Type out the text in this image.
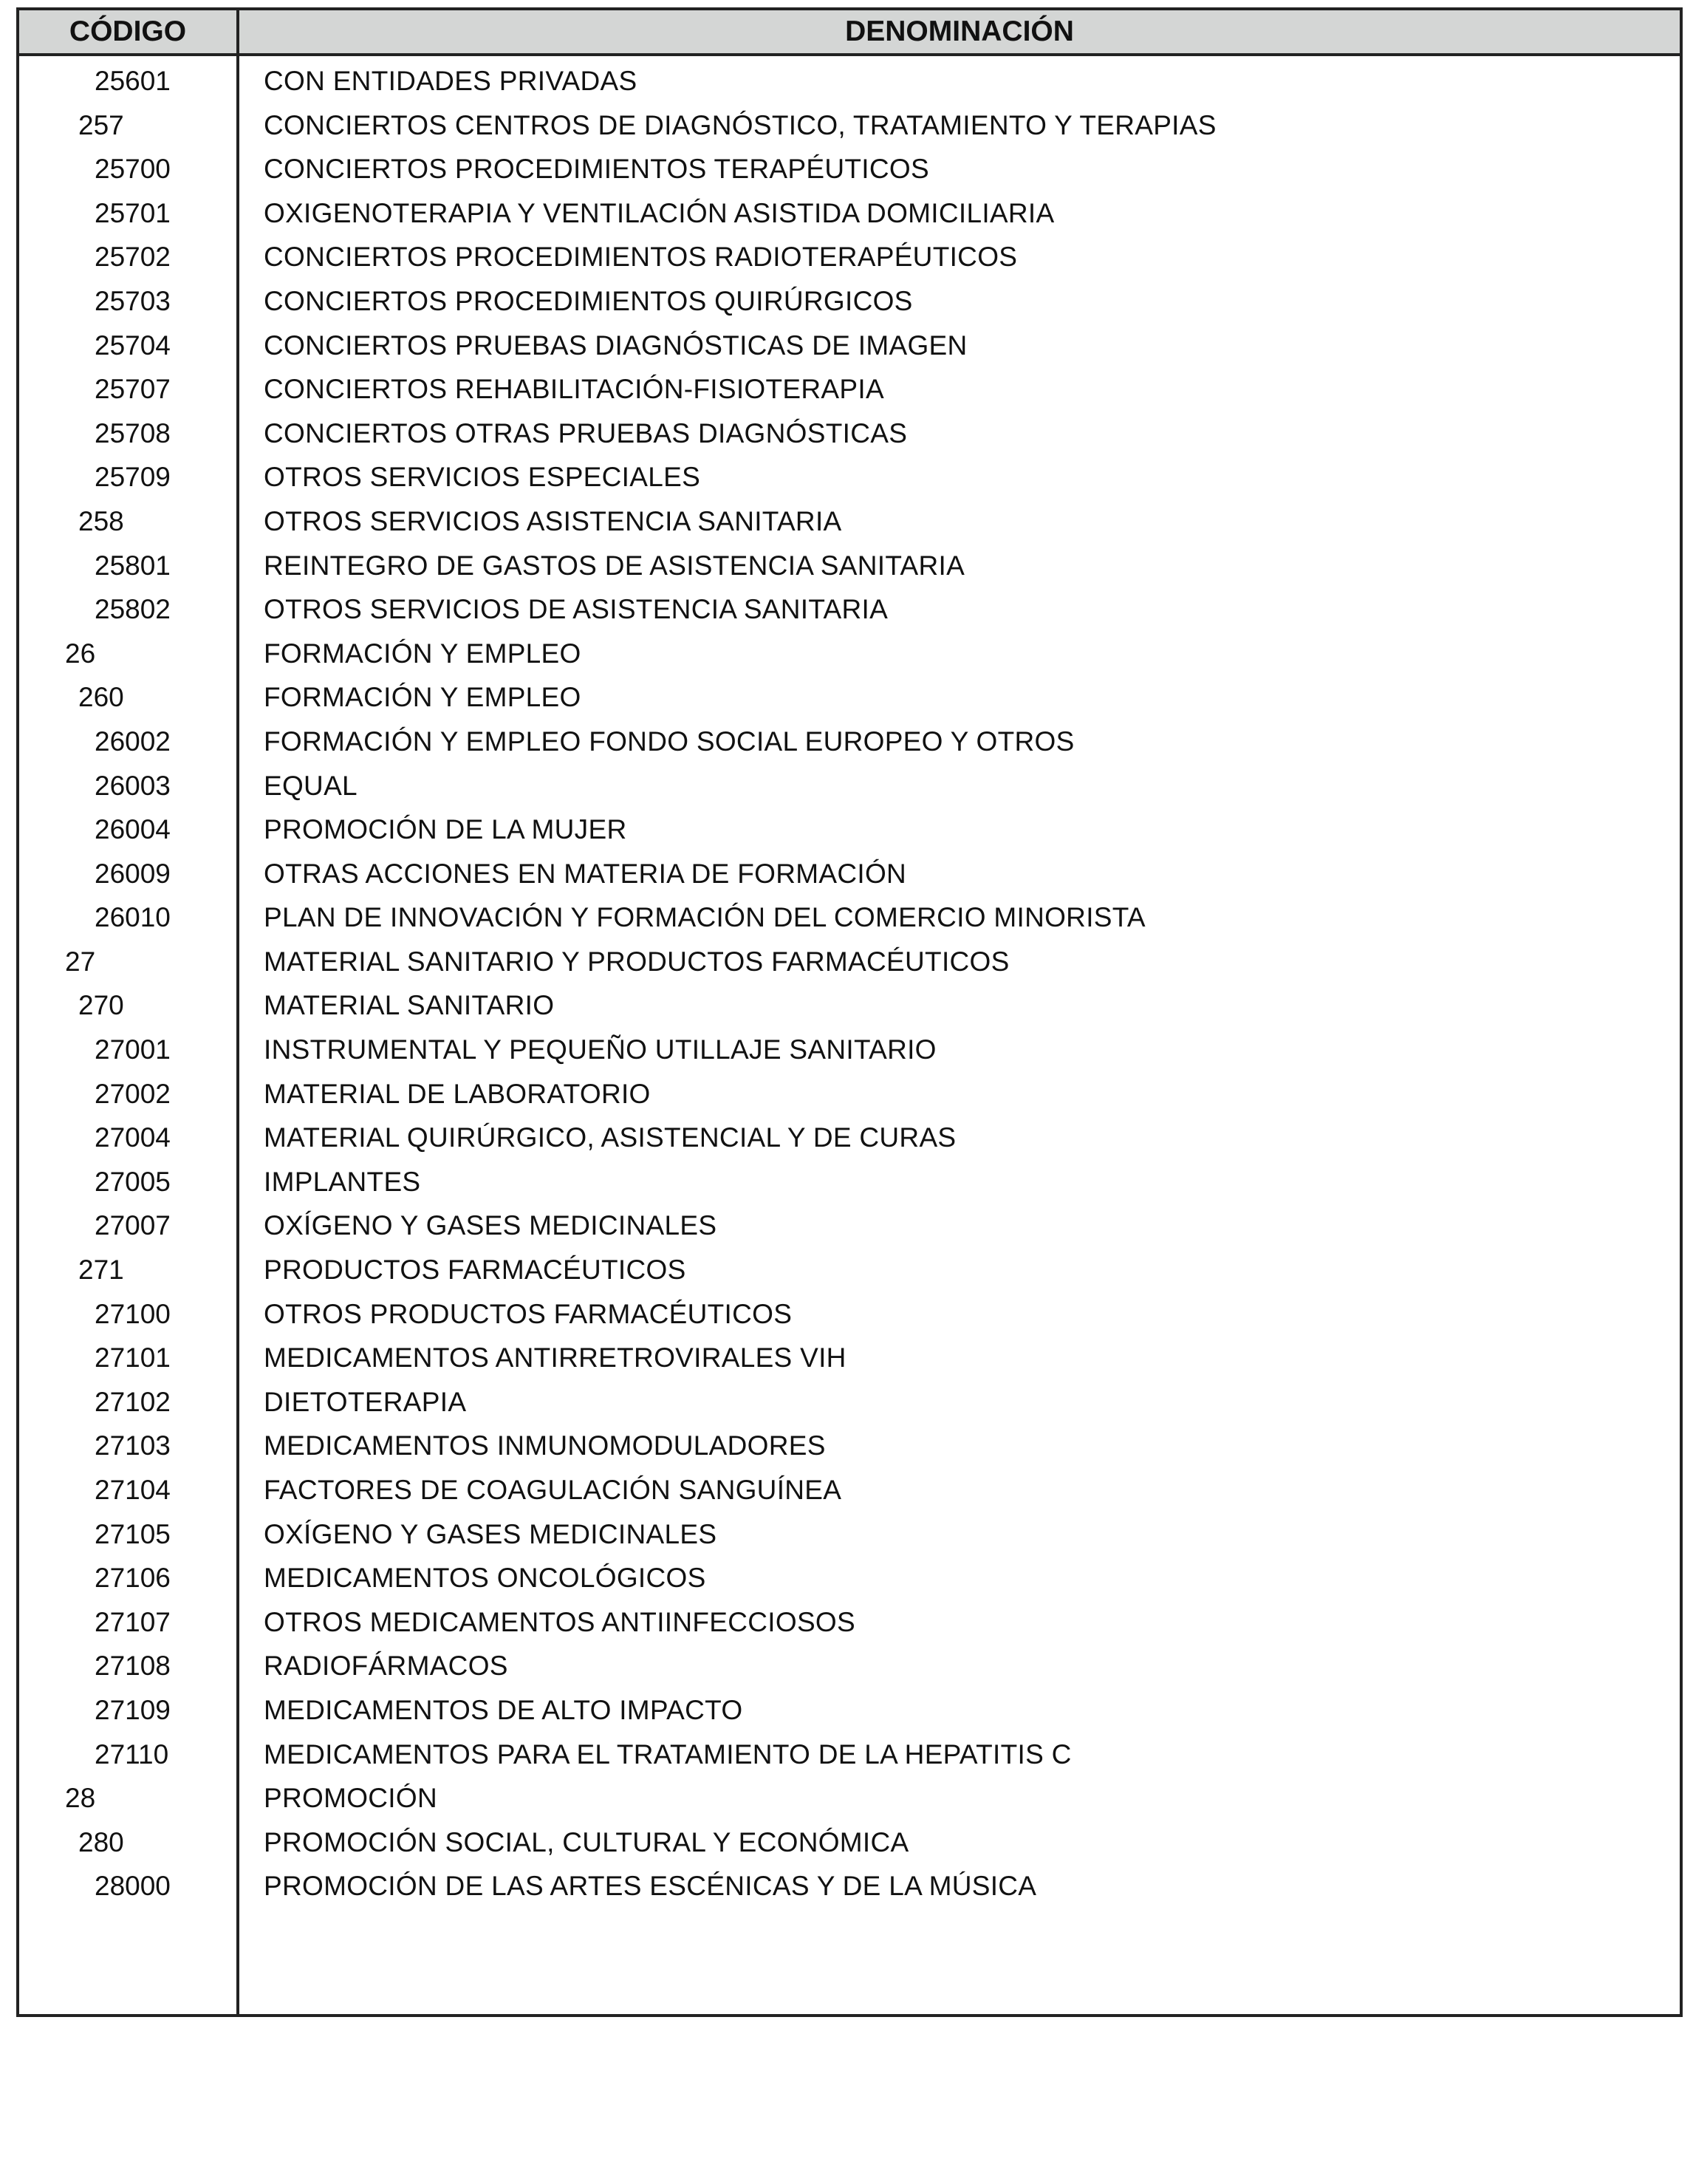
CÓDIGO	DENOMINACIÓN
25601	CON ENTIDADES PRIVADAS
257	CONCIERTOS CENTROS DE DIAGNÓSTICO, TRATAMIENTO Y TERAPIAS
25700	CONCIERTOS PROCEDIMIENTOS TERAPÉUTICOS
25701	OXIGENOTERAPIA Y VENTILACIÓN ASISTIDA DOMICILIARIA
25702	CONCIERTOS PROCEDIMIENTOS RADIOTERAPÉUTICOS
25703	CONCIERTOS PROCEDIMIENTOS QUIRÚRGICOS
25704	CONCIERTOS PRUEBAS DIAGNÓSTICAS DE IMAGEN
25707	CONCIERTOS REHABILITACIÓN-FISIOTERAPIA
25708	CONCIERTOS OTRAS PRUEBAS DIAGNÓSTICAS
25709	OTROS SERVICIOS ESPECIALES
258	OTROS SERVICIOS ASISTENCIA SANITARIA
25801	REINTEGRO DE GASTOS DE ASISTENCIA SANITARIA
25802	OTROS SERVICIOS DE ASISTENCIA SANITARIA
26	FORMACIÓN Y EMPLEO
260	FORMACIÓN Y EMPLEO
26002	FORMACIÓN Y EMPLEO FONDO SOCIAL EUROPEO Y OTROS
26003	EQUAL
26004	PROMOCIÓN DE LA MUJER
26009	OTRAS ACCIONES EN MATERIA DE FORMACIÓN
26010	PLAN DE INNOVACIÓN Y FORMACIÓN DEL COMERCIO MINORISTA
27	MATERIAL SANITARIO Y PRODUCTOS FARMACÉUTICOS
270	MATERIAL SANITARIO
27001	INSTRUMENTAL Y PEQUEÑO UTILLAJE SANITARIO
27002	MATERIAL DE LABORATORIO
27004	MATERIAL QUIRÚRGICO, ASISTENCIAL Y DE CURAS
27005	IMPLANTES
27007	OXÍGENO Y GASES MEDICINALES
271	PRODUCTOS FARMACÉUTICOS
27100	OTROS PRODUCTOS FARMACÉUTICOS
27101	MEDICAMENTOS ANTIRRETROVIRALES VIH
27102	DIETOTERAPIA
27103	MEDICAMENTOS INMUNOMODULADORES
27104	FACTORES DE COAGULACIÓN SANGUÍNEA
27105	OXÍGENO Y GASES MEDICINALES
27106	MEDICAMENTOS ONCOLÓGICOS
27107	OTROS MEDICAMENTOS ANTIINFECCIOSOS
27108	RADIOFÁRMACOS
27109	MEDICAMENTOS DE ALTO IMPACTO
27110	MEDICAMENTOS PARA EL TRATAMIENTO DE LA HEPATITIS C
28	PROMOCIÓN
280	PROMOCIÓN SOCIAL, CULTURAL Y ECONÓMICA
28000	PROMOCIÓN DE LAS ARTES ESCÉNICAS Y DE LA MÚSICA
